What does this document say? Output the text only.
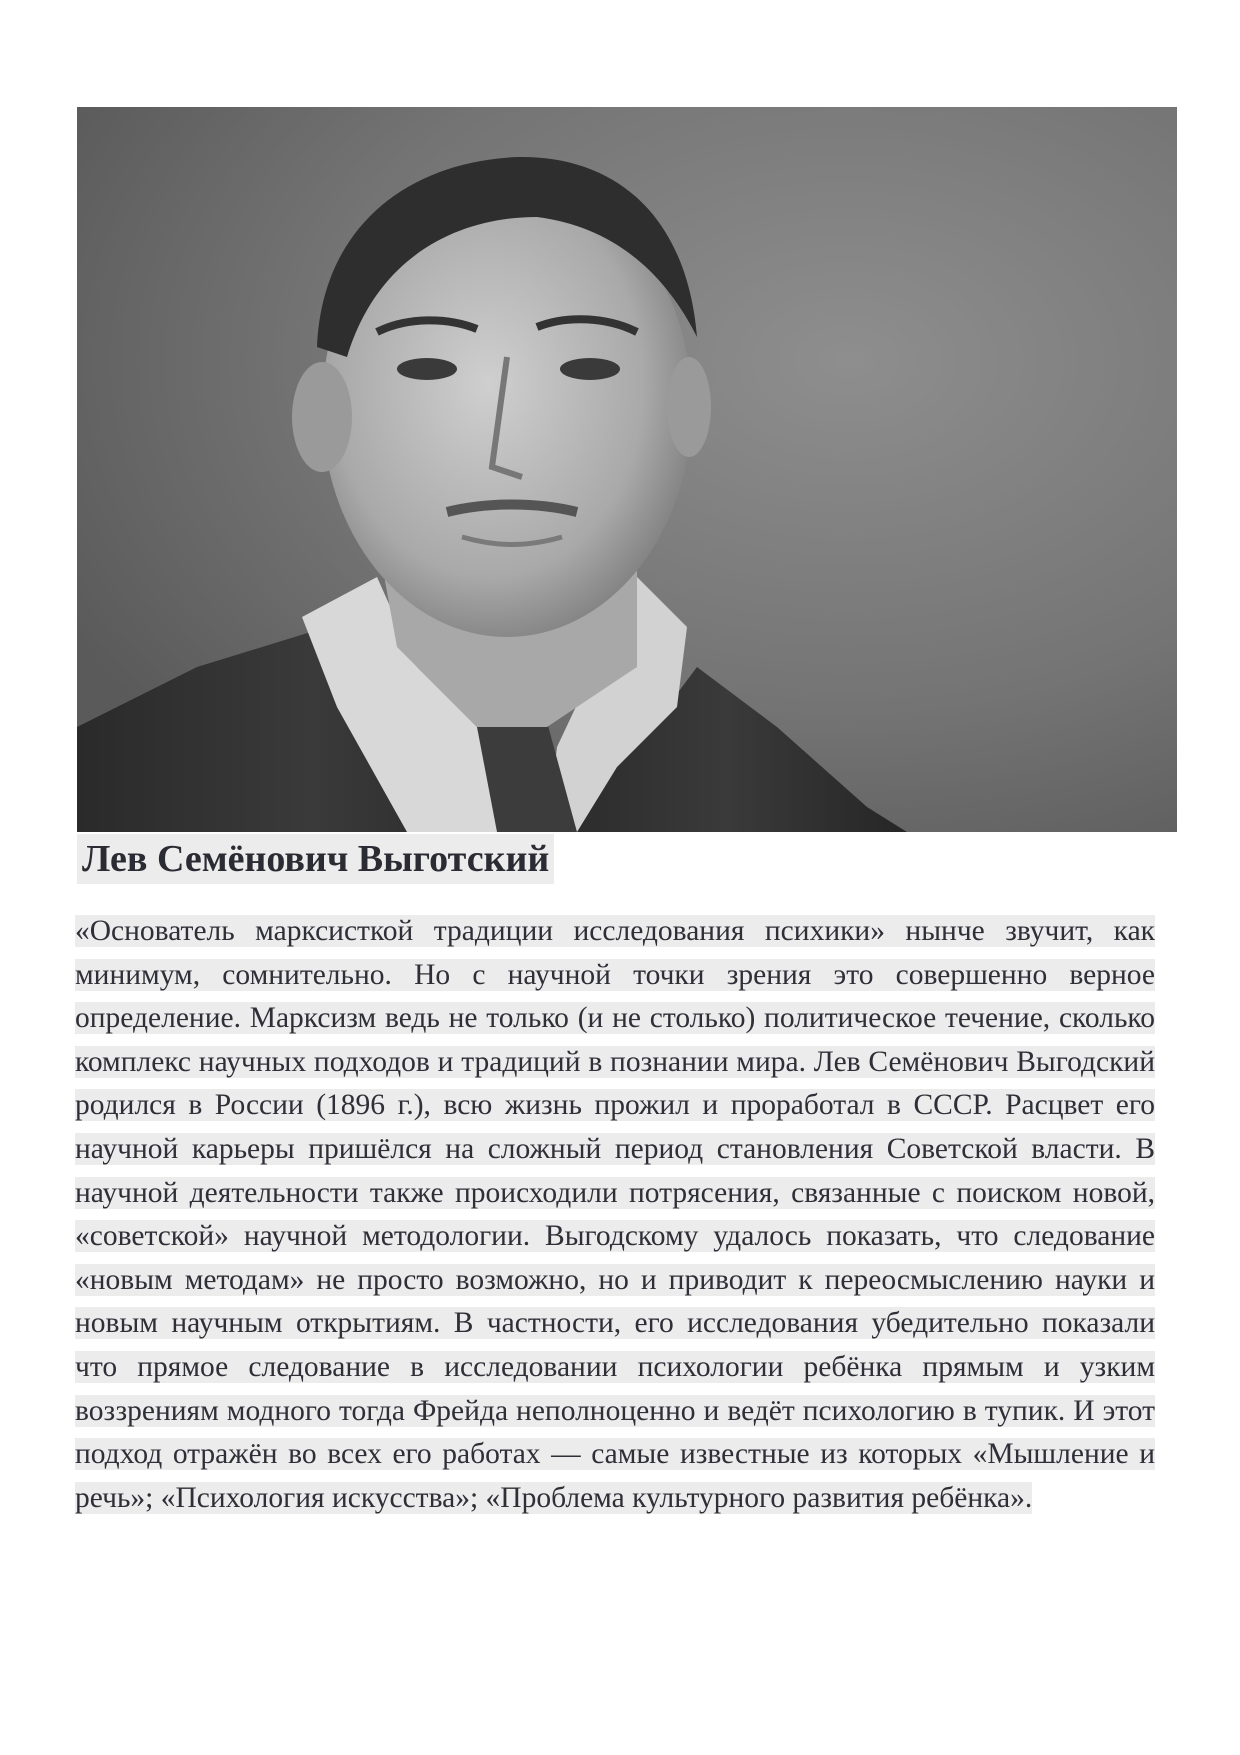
Лев Семёнович Выготский

«Основатель марксисткой традиции исследования психики» нынче звучит, как минимум, сомнительно. Но с научной точки зрения это совершенно верное определение. Марксизм ведь не только (и не столько) политическое течение, сколько комплекс научных подходов и традиций в познании мира. Лев Семёнович Выгодский родился в России (1896 г.), всю жизнь прожил и проработал в СССР. Расцвет его научной карьеры пришёлся на сложный период становления Советской власти. В научной деятельности также происходили потрясения, связанные с поиском новой, «советской» научной методологии. Выгодскому удалось показать, что следование «новым методам» не просто возможно, но и приводит к переосмыслению науки и новым научным открытиям. В частности, его исследования убедительно показали что прямое следование в исследовании психологии ребёнка прямым и узким воззрениям модного тогда Фрейда неполноценно и ведёт психологию в тупик. И этот подход отражён во всех его работах — самые известные из которых «Мышление и речь»; «Психология искусства»; «Проблема культурного развития ребёнка».
